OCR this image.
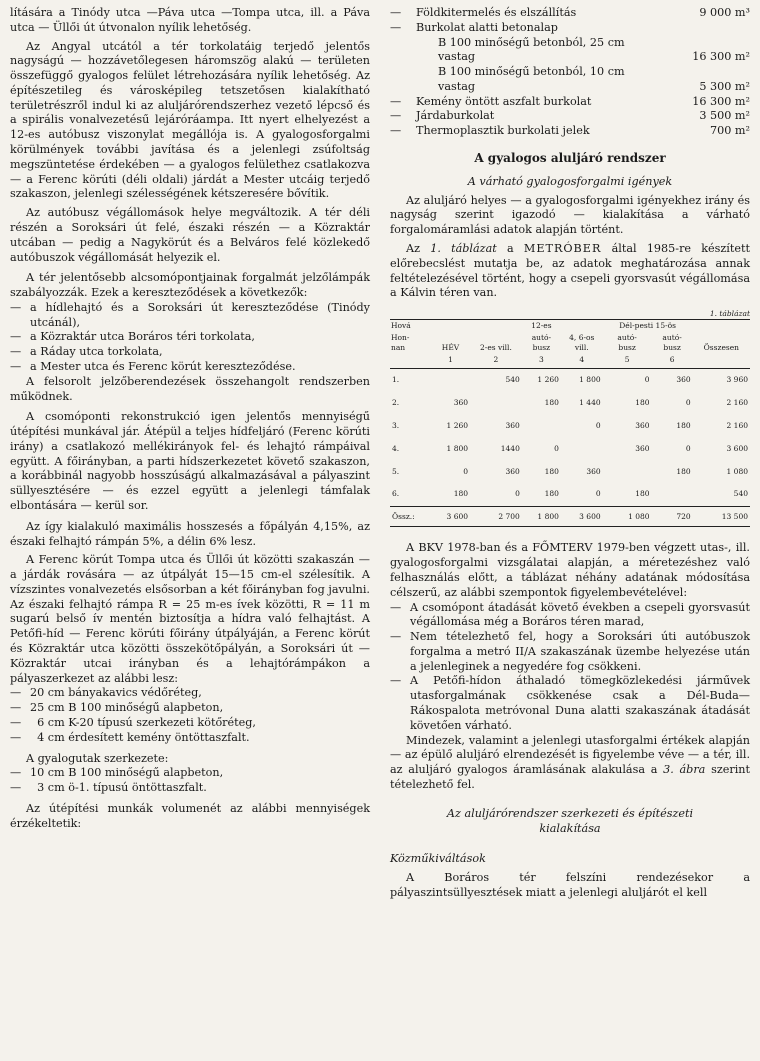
lítására a Tinódy utca —Páva utca —Tompa utca, ill. a Páva utca — Üllői út útvonalon nyílik lehetőség.

Az Angyal utcától a tér torkolatáig terjedő jelentős nagyságú — hozzávetőlegesen háromszög alakú — területen összefüggő gyalogos felület létrehozására nyílik lehetőség. Az építészetileg és városképileg tetszetősen kialakítható területrészről indul ki az aluljárórendszerhez vezető lépcső és a spirális vonalvezetésű lejáróráampa. Itt nyert elhelyezést a 12-es autóbusz viszonylat megállója is. A gyalogosforgalmi körülmények további javítása és a jelenlegi zsúfoltság megszüntetése érdekében — a gyalogos felülethez csatlakozva — a Ferenc körúti (déli oldali) járdát a Mester utcáig terjedő szakaszon, jelenlegi szélességének kétszeresére bővítik.

Az autóbusz végállomások helye megváltozik. A tér déli részén a Soroksári út felé, északi részén — a Közraktár utcában — pedig a Nagykörút és a Belváros felé közlekedő autóbuszok végállomását helyezik el.

A tér jelentősebb alcsomópontjainak forgalmát jelzőlámpák szabályozzák. Ezek a kereszteződések a következők:

— a hídlehajtó és a Soroksári út kereszteződése (Tinódy utcánál),
— a Közraktár utca Boráros téri torkolata,
— a Ráday utca torkolata,
— a Mester utca és Ferenc körút kereszteződése.

A felsorolt jelzőberendezések összehangolt rendszerben működnek.

A csomóponti rekonstrukció igen jelentős mennyiségű útépítési munkával jár. Átépül a teljes hídfeljáró (Ferenc körúti irány) a csatlakozó mellékirányok fel- és lehajtó rámpáival együtt. A főirányban, a parti hídszerkezetet követő szakaszon, a korábbinál nagyobb hosszúságú alkalmazásával a pályaszint süllyesztésére — és ezzel együtt a jelenlegi támfalak elbontására — kerül sor.

Az így kialakuló maximális hosszesés a főpályán 4,15%, az északi felhajtó rámpán 5%, a délin 6% lesz.

A Ferenc körút Tompa utca és Üllői út közötti szakaszán — a járdák rovására — az útpályát 15—15 cm-el szélesítik. A vízszintes vonalvezetés elsősorban a két főirányban fog javulni. Az északi felhajtó rámpa R = 25 m-es ívek közötti, R = 11 m sugarú belső ív mentén biztosítja a hídra való felhajtást. A Petőfi-híd — Ferenc körúti főirány útpályáján, a Ferenc körút és Közraktár utca közötti összekötőpályán, a Soroksári út — Közraktár utcai irányban és a lehajtórámpákon a pályaszerkezet az alábbi lesz:

— 20 cm bányakavics védőréteg,
— 25 cm B 100 minőségű alapbeton,
— 6 cm K-20 típusú szerkezeti kötőréteg,
— 4 cm érdesített kemény öntöttaszfalt.

A gyalogutak szerkezete:

— 10 cm B 100 minőségű alapbeton,
— 3 cm ö-1. típusú öntöttaszfalt.

Az útépítési munkák volumenét az alábbi mennyiségek érzékeltetik:

—	Földkitermelés és elszállítás	9 000 m³
—	Burkolat alatti betonalap
B 100 minőségű betonból, 25 cm
vastag	16 300 m²
B 100 minőségű betonból, 10 cm
vastag	5 300 m²
—	Kemény öntött aszfalt burkolat	16 300 m²
—	Járdaburkolat	3 500 m²
—	Thermoplasztik burkolati jelek	700 m²
A gyalogos aluljáró rendszer
A várható gyalogosforgalmi igények

Az aluljáró helyes — a gyalogosforgalmi igényekhez irány és nagyság szerint igazodó — kialakítása a várható forgalomáramlási adatok alapján történt.

Az 1. táblázat a METRÓBER által 1985-re készített előrebecslést mutatja be, az adatok meghatározása annak feltételezésével történt, hogy a csepeli gyorsvasút végállomása a Kálvin téren van.

1. táblázat
Hová			12-es		Dél-pesti 15-ös		
Hon-
nan	HÉV	2-es vill.	autó-
busz	4, 6-os
vill.	autó-
busz	autó-
busz	Összesen
	1	2	3	4	5	6	
1.		540	1 260	1 800	0	360	3 960
2.	360		180	1 440	180	0	2 160
3.	1 260	360		0	360	180	2 160
4.	1 800	1440	0		360	0	3 600
5.	0	360	180	360		180	1 080
6.	180	0	180	0	180		540
Össz.:	3 600	2 700	1 800	3 600	1 080	720	13 500

A BKV 1978-ban és a FŐMTERV 1979-ben végzett utas-, ill. gyalogosforgalmi vizsgálatai alapján, a méretezéshez való felhasználás előtt, a táblázat néhány adatának módosítása célszerű, az alábbi szempontok figyelembevételével:

— A csomópont átadását követő években a csepeli gyorsvasút végállomása még a Boráros téren marad,
— Nem tételezhető fel, hogy a Soroksári úti autóbuszok forgalma a metró II/A szakaszának üzembe helyezése után a jelenleginek a negyedére fog csökkeni.
— A Petőfi-hídon áthaladó tömegközlekedési járművek utasforgalmának csökkenése csak a Dél-Buda—Rákospalota metróvonal Duna alatti szakaszának átadását követően várható.

Mindezek, valamint a jelenlegi utasforgalmi értékek alapján — az épülő aluljáró elrendezését is figyelembe véve — a tér, ill. az aluljáró gyalogos áramlásának alakulása a 3. ábra szerint tételezhető fel.

Az aluljárórendszer szerkezeti és építészeti kialakítása
Közműkiváltások

A Boráros tér felszíni rendezésekor a pályaszintsüllyesztések miatt a jelenlegi aluljárót el kell
